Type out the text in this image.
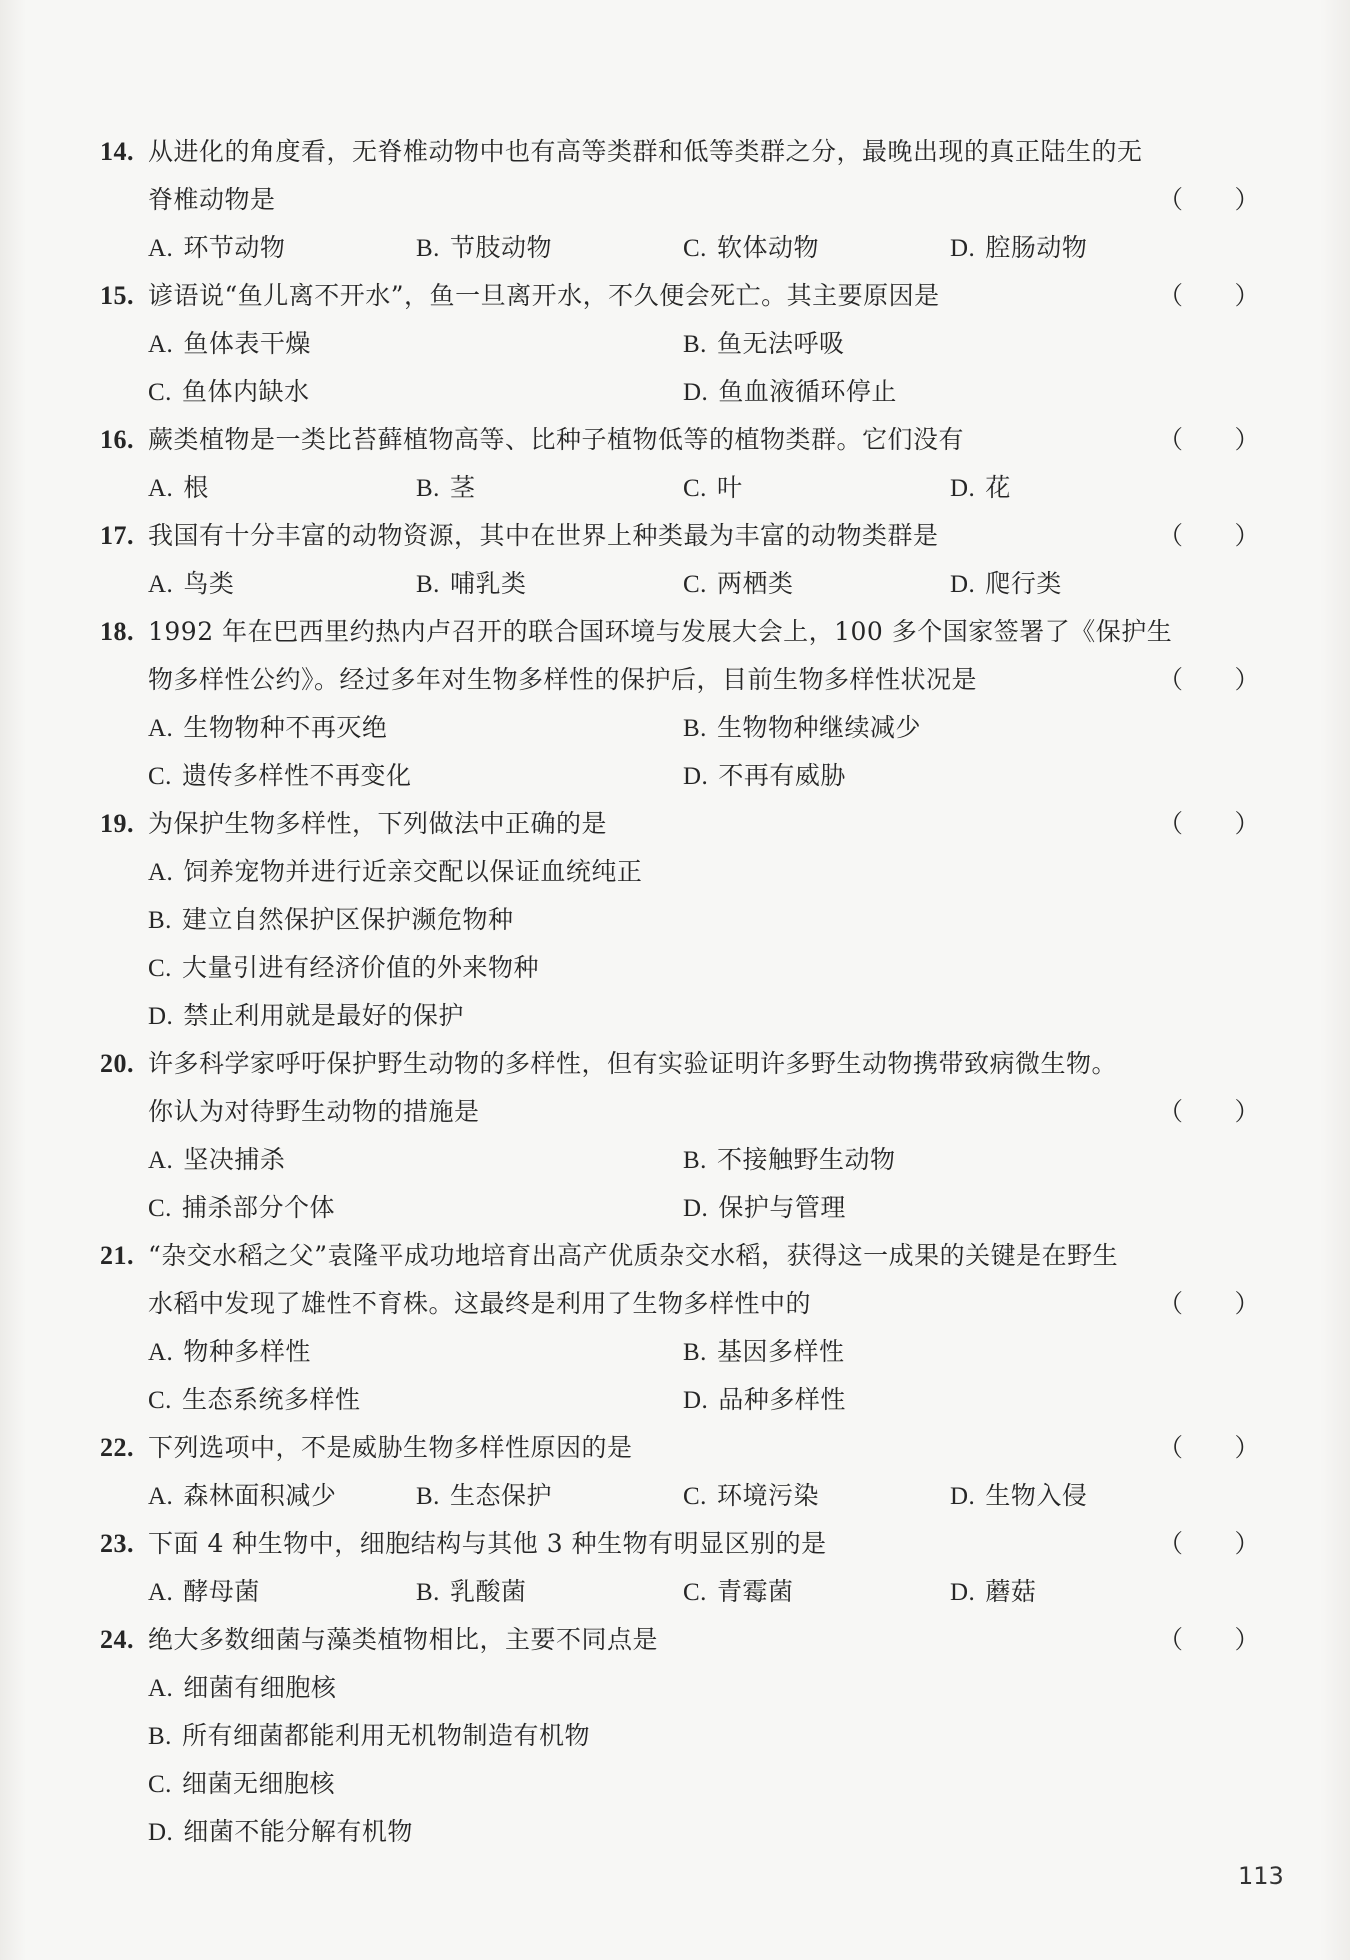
14. 从进化的角度看，无脊椎动物中也有高等类群和低等类群之分，最晚出现的真正陆生的无
脊椎动物是	（　　）
A. 环节动物	B. 节肢动物	C. 软体动物	D. 腔肠动物
15. 谚语说“鱼儿离不开水”，鱼一旦离开水，不久便会死亡。其主要原因是	（　　）
A. 鱼体表干燥	B. 鱼无法呼吸
C. 鱼体内缺水	D. 鱼血液循环停止
16. 蕨类植物是一类比苔藓植物高等、比种子植物低等的植物类群。它们没有	（　　）
A. 根	B. 茎	C. 叶	D. 花
17. 我国有十分丰富的动物资源，其中在世界上种类最为丰富的动物类群是	（　　）
A. 鸟类	B. 哺乳类	C. 两栖类	D. 爬行类
18. 1992 年在巴西里约热内卢召开的联合国环境与发展大会上，100 多个国家签署了《保护生
物多样性公约》。经过多年对生物多样性的保护后，目前生物多样性状况是	（　　）
A. 生物物种不再灭绝	B. 生物物种继续减少
C. 遗传多样性不再变化	D. 不再有威胁
19. 为保护生物多样性，下列做法中正确的是	（　　）
A. 饲养宠物并进行近亲交配以保证血统纯正
B. 建立自然保护区保护濒危物种
C. 大量引进有经济价值的外来物种
D. 禁止利用就是最好的保护
20. 许多科学家呼吁保护野生动物的多样性，但有实验证明许多野生动物携带致病微生物。
你认为对待野生动物的措施是	（　　）
A. 坚决捕杀	B. 不接触野生动物
C. 捕杀部分个体	D. 保护与管理
21. “杂交水稻之父”袁隆平成功地培育出高产优质杂交水稻，获得这一成果的关键是在野生
水稻中发现了雄性不育株。这最终是利用了生物多样性中的	（　　）
A. 物种多样性	B. 基因多样性
C. 生态系统多样性	D. 品种多样性
22. 下列选项中，不是威胁生物多样性原因的是	（　　）
A. 森林面积减少	B. 生态保护	C. 环境污染	D. 生物入侵
23. 下面 4 种生物中，细胞结构与其他 3 种生物有明显区别的是	（　　）
A. 酵母菌	B. 乳酸菌	C. 青霉菌	D. 蘑菇
24. 绝大多数细菌与藻类植物相比，主要不同点是	（　　）
A. 细菌有细胞核
B. 所有细菌都能利用无机物制造有机物
C. 细菌无细胞核
D. 细菌不能分解有机物
113
